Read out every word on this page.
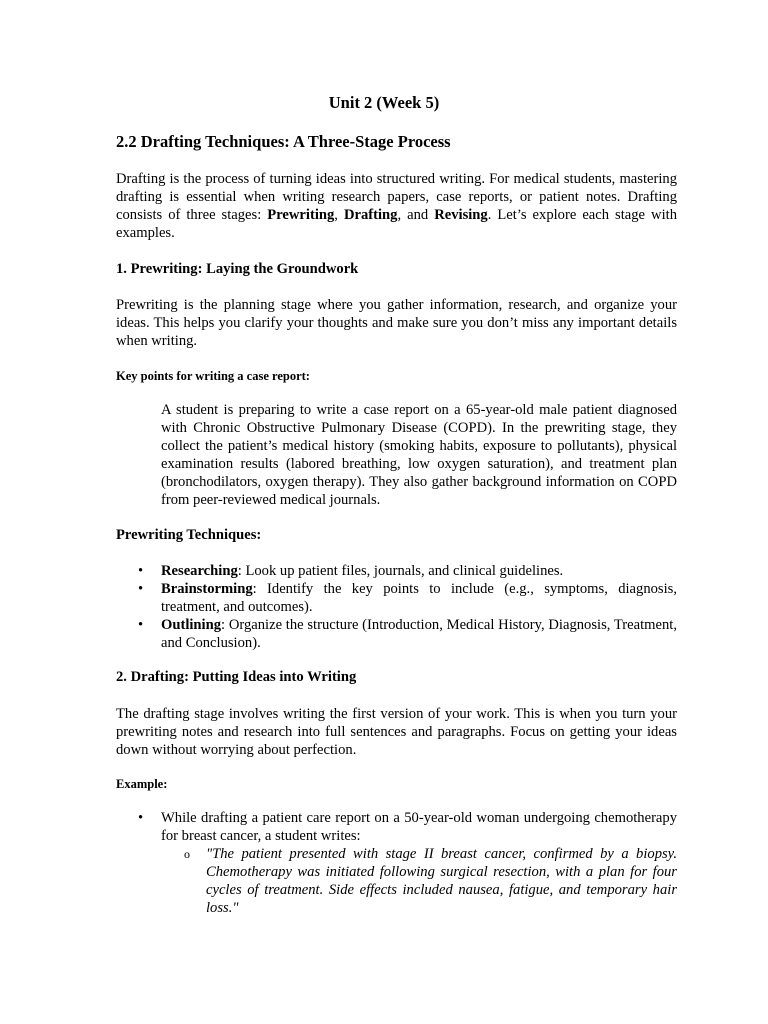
Unit 2 (Week 5)
2.2 Drafting Techniques: A Three-Stage Process
Drafting is the process of turning ideas into structured writing. For medical students, mastering drafting is essential when writing research papers, case reports, or patient notes. Drafting consists of three stages: Prewriting, Drafting, and Revising. Let’s explore each stage with examples.
1. Prewriting: Laying the Groundwork
Prewriting is the planning stage where you gather information, research, and organize your ideas. This helps you clarify your thoughts and make sure you don’t miss any important details when writing.
Key points for writing a case report:
A student is preparing to write a case report on a 65-year-old male patient diagnosed with Chronic Obstructive Pulmonary Disease (COPD). In the prewriting stage, they collect the patient’s medical history (smoking habits, exposure to pollutants), physical examination results (labored breathing, low oxygen saturation), and treatment plan (bronchodilators, oxygen therapy). They also gather background information on COPD from peer-reviewed medical journals.
Prewriting Techniques:
• Researching: Look up patient files, journals, and clinical guidelines.
• Brainstorming: Identify the key points to include (e.g., symptoms, diagnosis, treatment, and outcomes).
• Outlining: Organize the structure (Introduction, Medical History, Diagnosis, Treatment, and Conclusion).
2. Drafting: Putting Ideas into Writing
The drafting stage involves writing the first version of your work. This is when you turn your prewriting notes and research into full sentences and paragraphs. Focus on getting your ideas down without worrying about perfection.
Example:
• While drafting a patient care report on a 50-year-old woman undergoing chemotherapy for breast cancer, a student writes:
o "The patient presented with stage II breast cancer, confirmed by a biopsy. Chemotherapy was initiated following surgical resection, with a plan for four cycles of treatment. Side effects included nausea, fatigue, and temporary hair loss."
